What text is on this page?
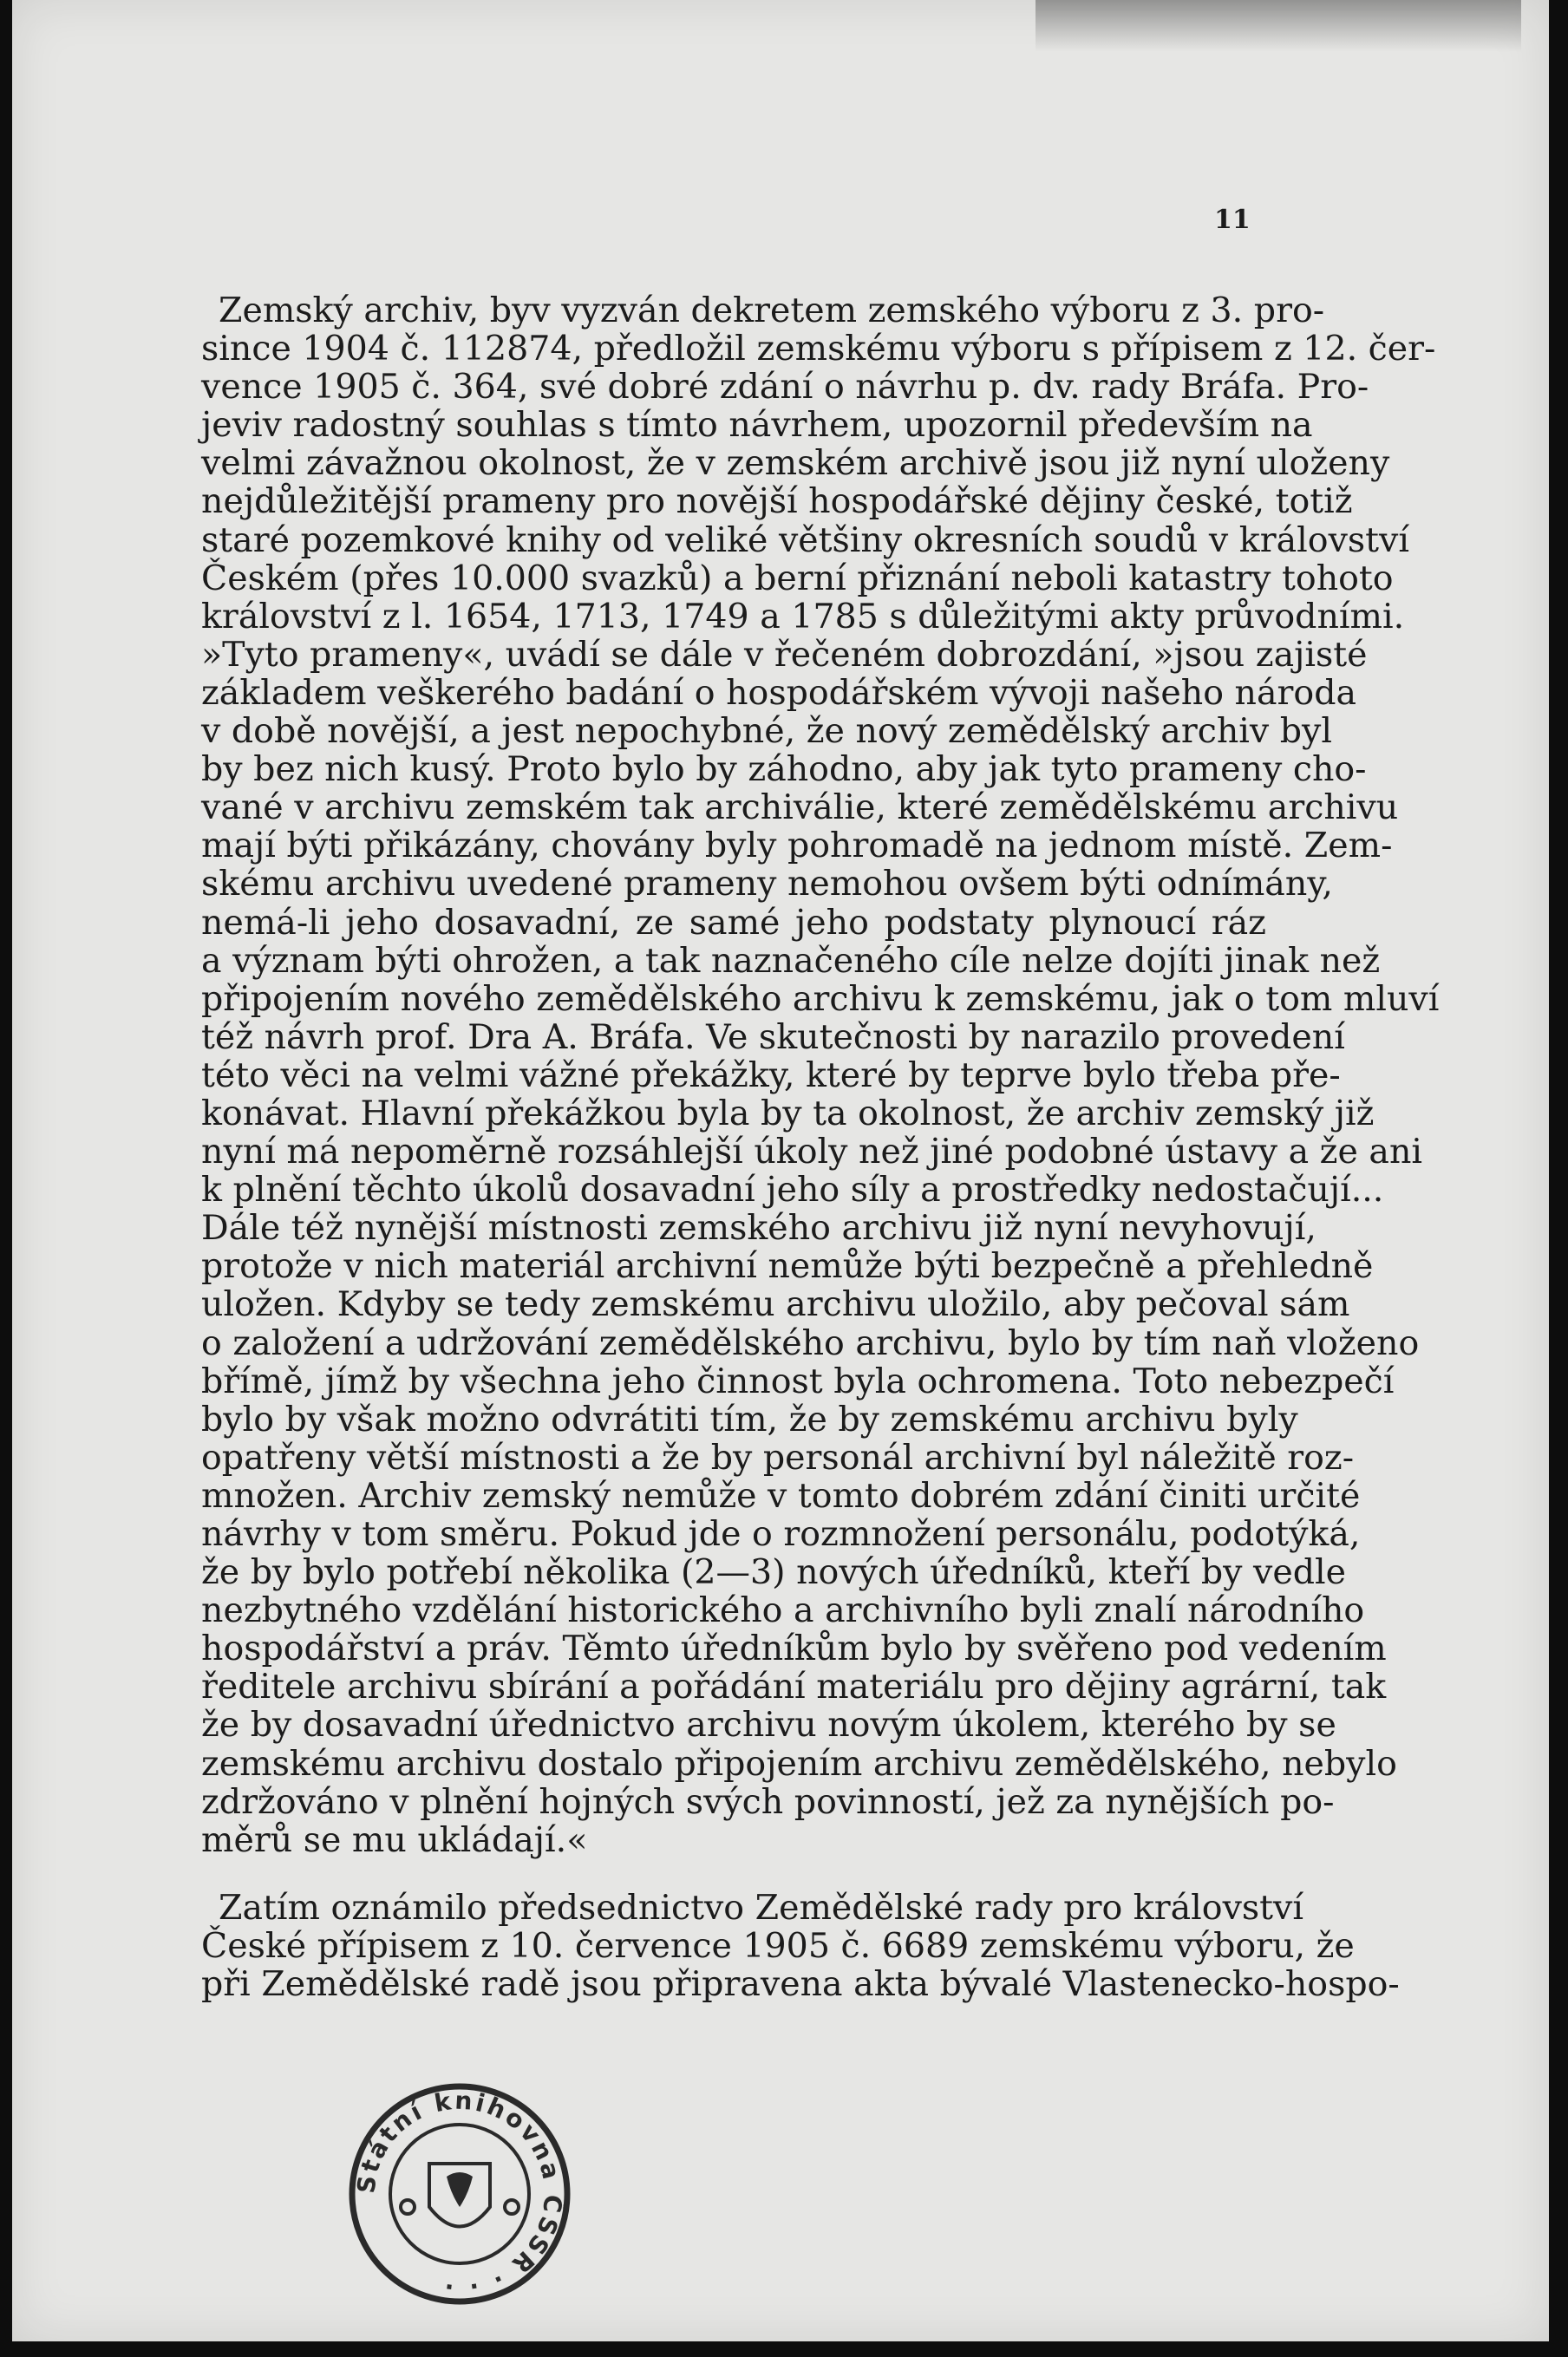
11

Zemský archiv, byv vyzván dekretem zemského výboru z 3. pro-

since 1904 č. 112874, předložil zemskému výboru s přípisem z 12. čer-

vence 1905 č. 364, své dobré zdání o návrhu p. dv. rady Bráfa. Pro-

jeviv radostný souhlas s tímto návrhem, upozornil především na

velmi závažnou okolnost, že v zemském archivě jsou již nyní uloženy

nejdůležitější prameny pro novější hospodářské dějiny české, totiž

staré pozemkové knihy od veliké většiny okresních soudů v království

Českém (přes 10.000 svazků) a berní přiznání neboli katastry tohoto

království z l. 1654, 1713, 1749 a 1785 s důležitými akty průvodními.

»Tyto prameny«, uvádí se dále v řečeném dobrozdání, »jsou zajisté

základem veškerého badání o hospodářském vývoji našeho národa

v době novější, a jest nepochybné, že nový zemědělský archiv byl

by bez nich kusý. Proto bylo by záhodno, aby jak tyto prameny cho-

vané v archivu zemském tak archiválie, které zemědělskému archivu

mají býti přikázány, chovány byly pohromadě na jednom místě. Zem-

skému archivu uvedené prameny nemohou ovšem býti odnímány,

nemá-li jeho dosavadní, ze samé jeho podstaty plynoucí ráz

a význam býti ohrožen, a tak naznačeného cíle nelze dojíti jinak než

připojením nového zemědělského archivu k zemskému, jak o tom mluví

též návrh prof. Dra A. Bráfa. Ve skutečnosti by narazilo provedení

této věci na velmi vážné překážky, které by teprve bylo třeba pře-

konávat. Hlavní překážkou byla by ta okolnost, že archiv zemský již

nyní má nepoměrně rozsáhlejší úkoly než jiné podobné ústavy a že ani

k plnění těchto úkolů dosavadní jeho síly a prostředky nedostačují...

Dále též nynější místnosti zemského archivu již nyní nevyhovují,

protože v nich materiál archivní nemůže býti bezpečně a přehledně

uložen. Kdyby se tedy zemskému archivu uložilo, aby pečoval sám

o založení a udržování zemědělského archivu, bylo by tím naň vloženo

břímě, jímž by všechna jeho činnost byla ochromena. Toto nebezpečí

bylo by však možno odvrátiti tím, že by zemskému archivu byly

opatřeny větší místnosti a že by personál archivní byl náležitě roz-

množen. Archiv zemský nemůže v tomto dobrém zdání činiti určité

návrhy v tom směru. Pokud jde o rozmnožení personálu, podotýká,

že by bylo potřebí několika (2—3) nových úředníků, kteří by vedle

nezbytného vzdělání historického a archivního byli znalí národního

hospodářství a práv. Těmto úředníkům bylo by svěřeno pod vedením

ředitele archivu sbírání a pořádání materiálu pro dějiny agrární, tak

že by dosavadní úřednictvo archivu novým úkolem, kterého by se

zemskému archivu dostalo připojením archivu zemědělského, nebylo

zdržováno v plnění hojných svých povinností, jež za nynějších po-

měrů se mu ukládají.«

Zatím oznámilo předsednictvo Zemědělské rady pro království

České přípisem z 10. července 1905 č. 6689 zemskému výboru, že

při Zemědělské radě jsou připravena akta bývalé Vlastenecko-hospo-

Státní knihovna ČSSR · · ·
